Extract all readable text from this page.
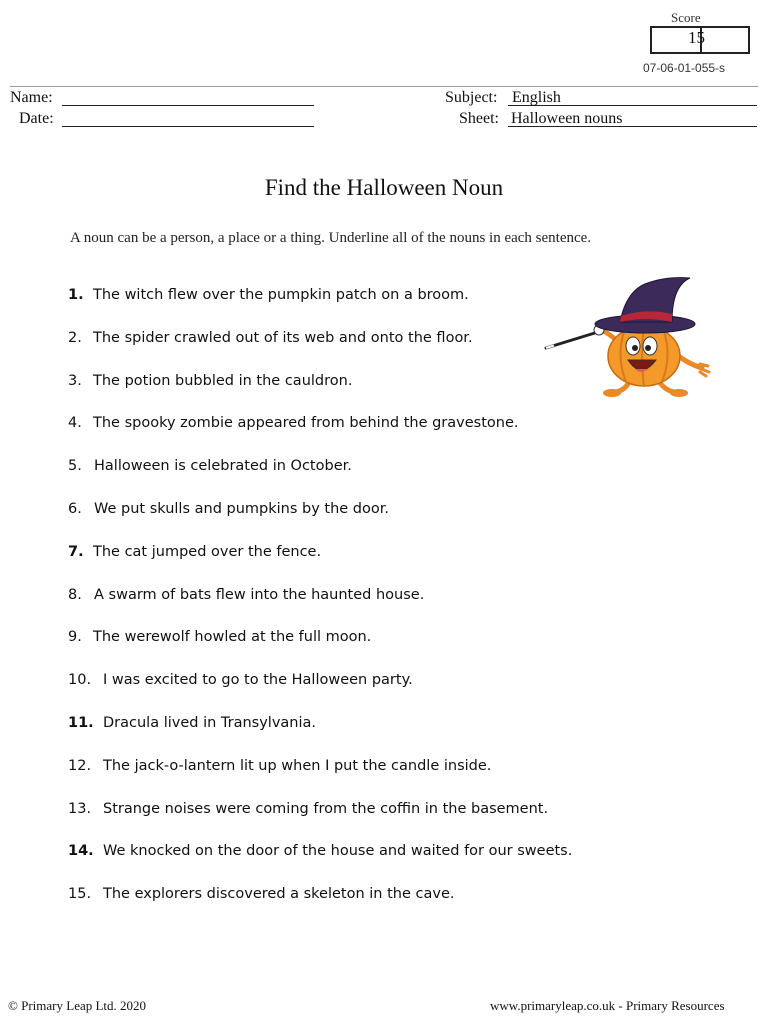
Score
15
07-06-01-055-s
Name:
Date:
Subject: English
Sheet: Halloween nouns
Find the Halloween Noun
A noun can be a person, a place or a thing. Underline all of the nouns in each sentence.
1. The witch flew over the pumpkin patch on a broom.
2. The spider crawled out of its web and onto the floor.
3. The potion bubbled in the cauldron.
4. The spooky zombie appeared from behind the gravestone.
5. Halloween is celebrated in October.
6. We put skulls and pumpkins by the door.
7. The cat jumped over the fence.
8. A swarm of bats flew into the haunted house.
9. The werewolf howled at the full moon.
10. I was excited to go to the Halloween party.
11. Dracula lived in Transylvania.
12. The jack-o-lantern lit up when I put the candle inside.
13. Strange noises were coming from the coffin in the basement.
14. We knocked on the door of the house and waited for our sweets.
15. The explorers discovered a skeleton in the cave.
© Primary Leap Ltd. 2020	www.primaryleap.co.uk - Primary Resources
